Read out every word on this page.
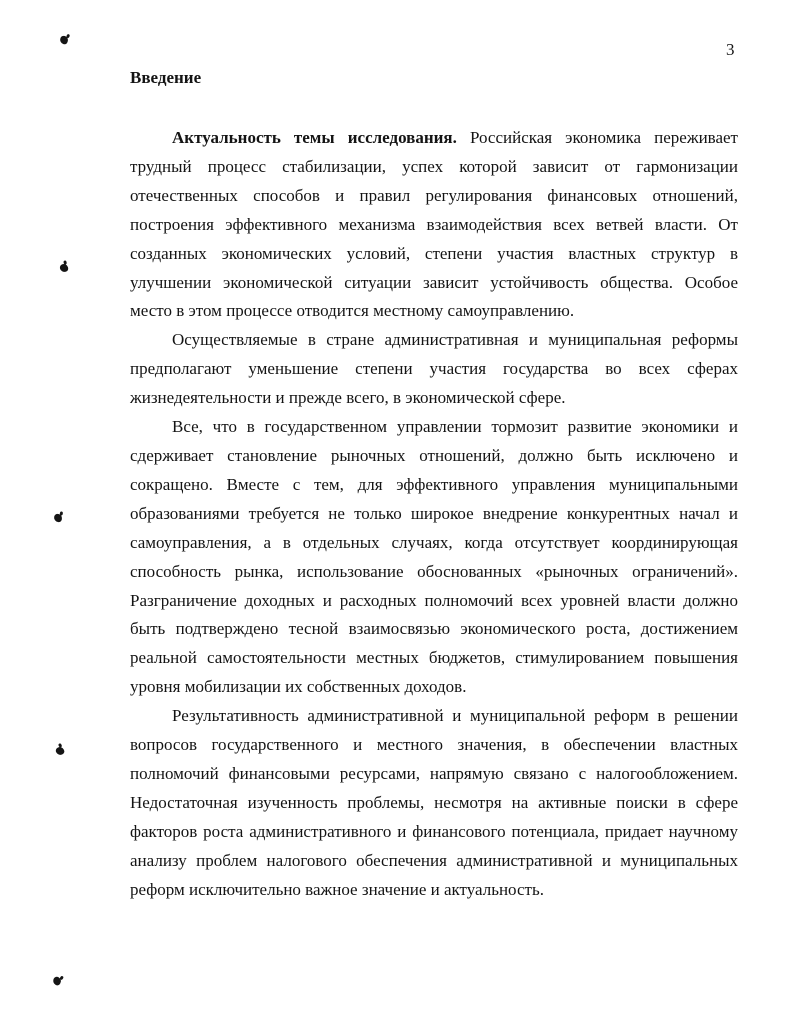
3
Введение

Актуальность темы исследования. Российская экономика переживает трудный процесс стабилизации, успех которой зависит от гармонизации отечественных способов и правил регулирования финансовых отношений, построения эффективного механизма взаимодействия всех ветвей власти. От созданных экономических условий, степени участия властных структур в улучшении экономической ситуации зависит устойчивость общества. Особое место в этом процессе отводится местному самоуправлению.

Осуществляемые в стране административная и муниципальная реформы предполагают уменьшение степени участия государства во всех сферах жизнедеятельности и прежде всего, в экономической сфере.

Все, что в государственном управлении тормозит развитие экономики и сдерживает становление рыночных отношений, должно быть исключено и сокращено. Вместе с тем, для эффективного управления муниципальными образованиями требуется не только широкое внедрение конкурентных начал и самоуправления, а в отдельных случаях, когда отсутствует координирующая способность рынка, использование обоснованных «рыночных ограничений». Разграничение доходных и расходных полномочий всех уровней власти должно быть подтверждено тесной взаимосвязью экономического роста, достижением реальной самостоятельности местных бюджетов, стимулированием повышения уровня мобилизации их собственных доходов.

Результативность административной и муниципальной реформ в решении вопросов государственного и местного значения, в обеспечении властных полномочий финансовыми ресурсами, напрямую связано с налогообложением. Недостаточная изученность проблемы, несмотря на активные поиски в сфере факторов роста административного и финансового потенциала, придает научному анализу проблем налогового обеспечения административной и муниципальных реформ исключительно важное значение и актуальность.
